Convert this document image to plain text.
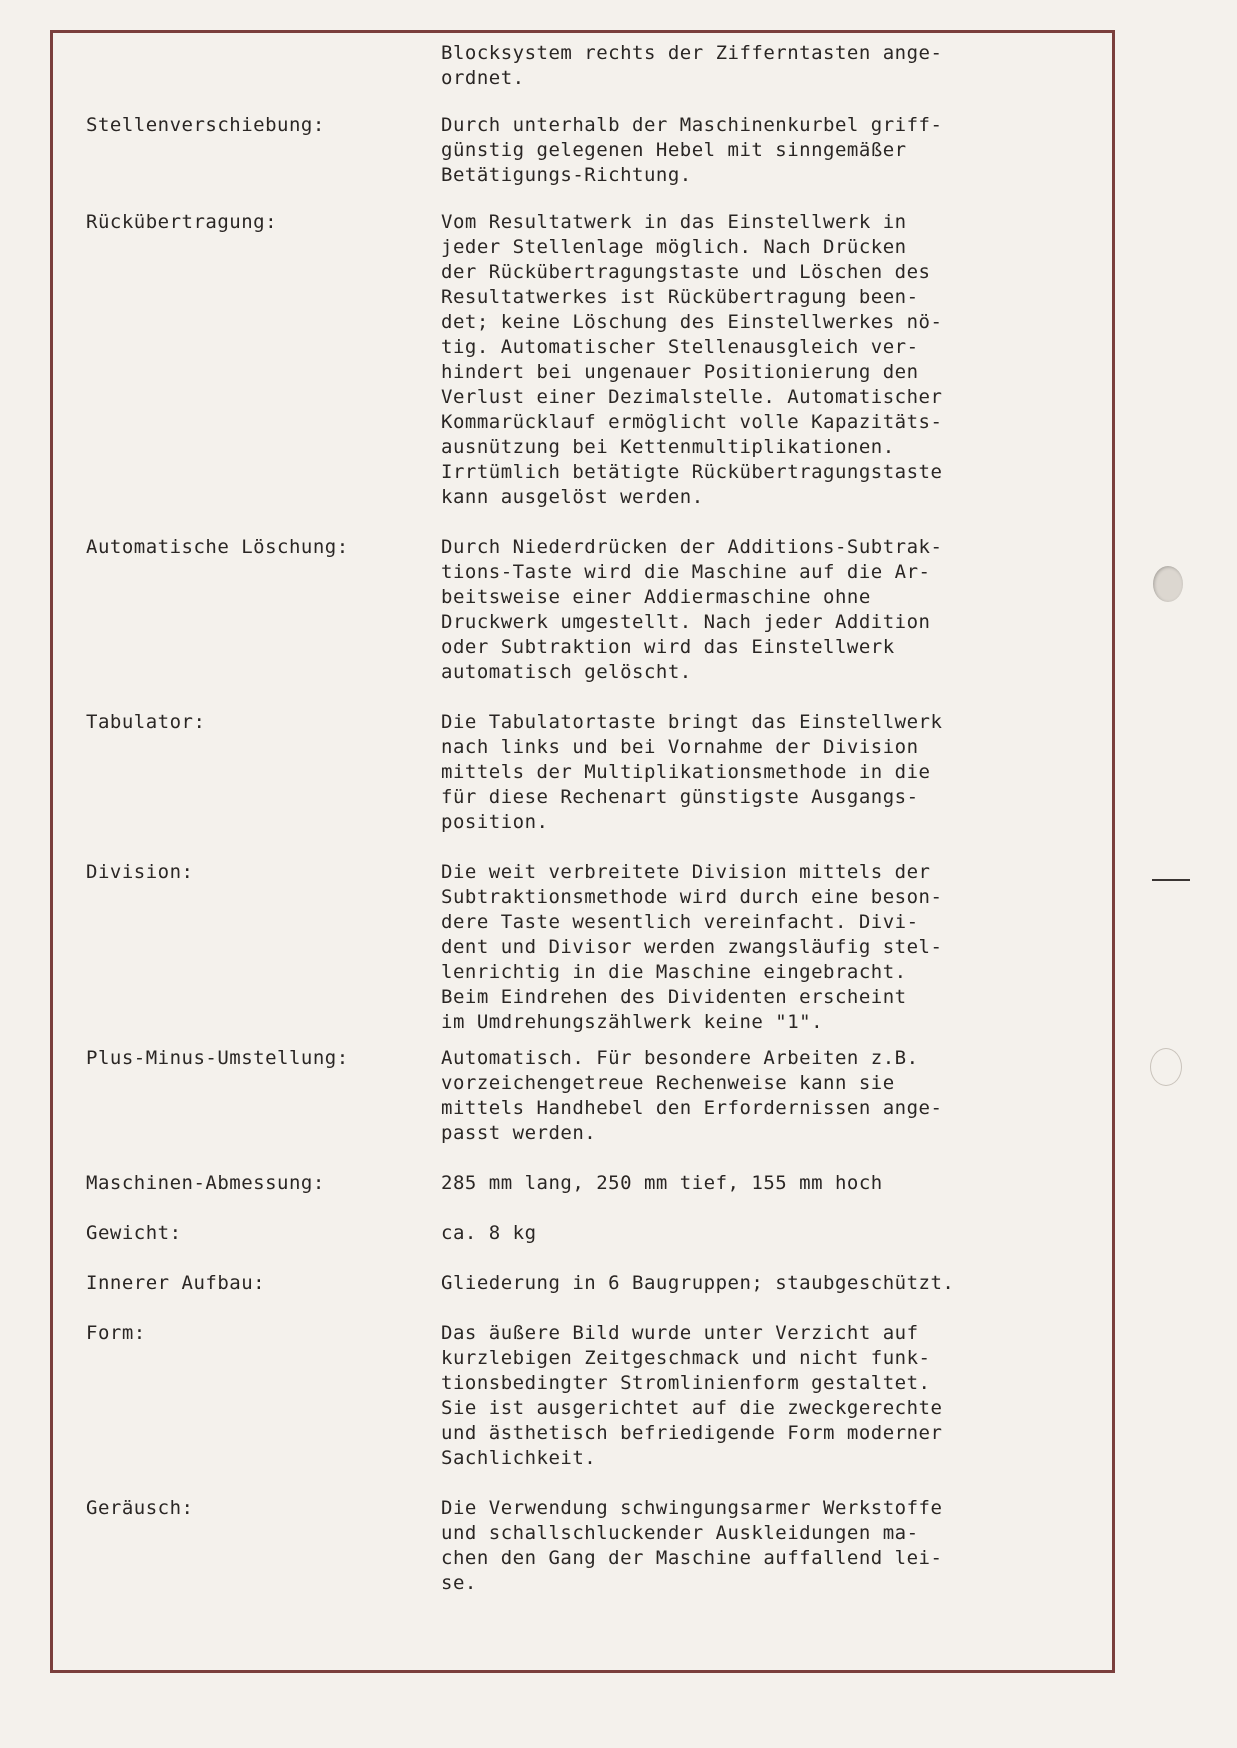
Blocksystem rechts der Zifferntasten ange-
ordnet.
Stellenverschiebung:	Durch unterhalb der Maschinenkurbel griff-
günstig gelegenen Hebel mit sinngemäßer
Betätigungs-Richtung.
Rückübertragung:	Vom Resultatwerk in das Einstellwerk in
jeder Stellenlage möglich. Nach Drücken
der Rückübertragungstaste und Löschen des
Resultatwerkes ist Rückübertragung been-
det; keine Löschung des Einstellwerkes nö-
tig. Automatischer Stellenausgleich ver-
hindert bei ungenauer Positionierung den
Verlust einer Dezimalstelle. Automatischer
Kommarücklauf ermöglicht volle Kapazitäts-
ausnützung bei Kettenmultiplikationen.
Irrtümlich betätigte Rückübertragungstaste
kann ausgelöst werden.
Automatische Löschung:	Durch Niederdrücken der Additions-Subtrak-
tions-Taste wird die Maschine auf die Ar-
beitsweise einer Addiermaschine ohne
Druckwerk umgestellt. Nach jeder Addition
oder Subtraktion wird das Einstellwerk
automatisch gelöscht.
Tabulator:	Die Tabulatortaste bringt das Einstellwerk
nach links und bei Vornahme der Division
mittels der Multiplikationsmethode in die
für diese Rechenart günstigste Ausgangs-
position.
Division:	Die weit verbreitete Division mittels der
Subtraktionsmethode wird durch eine beson-
dere Taste wesentlich vereinfacht. Divi-
dent und Divisor werden zwangsläufig stel-
lenrichtig in die Maschine eingebracht.
Beim Eindrehen des Dividenten erscheint
im Umdrehungszählwerk keine "1".
Plus-Minus-Umstellung:	Automatisch. Für besondere Arbeiten z.B.
vorzeichengetreue Rechenweise kann sie
mittels Handhebel den Erfordernissen ange-
passt werden.
Maschinen-Abmessung:	285 mm lang, 250 mm tief, 155 mm hoch
Gewicht:	ca. 8 kg
Innerer Aufbau:	Gliederung in 6 Baugruppen; staubgeschützt.
Form:	Das äußere Bild wurde unter Verzicht auf
kurzlebigen Zeitgeschmack und nicht funk-
tionsbedingter Stromlinienform gestaltet.
Sie ist ausgerichtet auf die zweckgerechte
und ästhetisch befriedigende Form moderner
Sachlichkeit.
Geräusch:	Die Verwendung schwingungsarmer Werkstoffe
und schallschluckender Auskleidungen ma-
chen den Gang der Maschine auffallend lei-
se.
